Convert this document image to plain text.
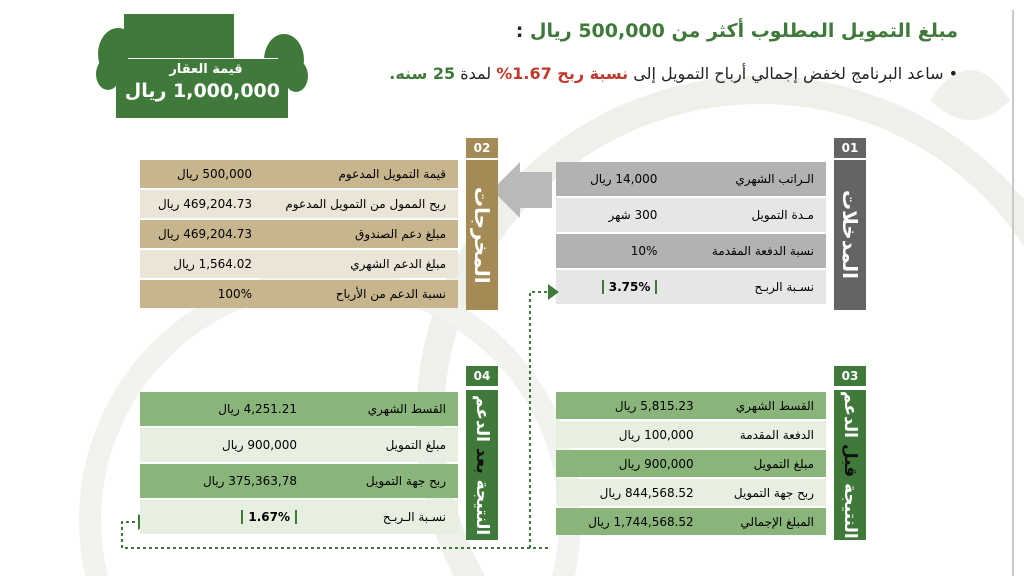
مبلغ التمويل المطلوب أكثر من 500,000 ريال :
• ساعد البرنامج لخفض إجمالي أرباح التمويل إلى نسبة ربح 1.67% لمدة 25 سنه.
قيمة العقار
1,000,000 ريال
01
المدخلات
الـراتب الشهري	14,000 ريال
مـدة التمويل	300 شهر
نسبة الدفعة المقدمة	10%
نسـبة الربـح	3.75%
02
المخرجات
قيمة التمويل المدعوم	500,000 ريال
ربح الممول من التمويل المدعوم	469,204.73 ريال
مبلغ دعم الصندوق	469,204.73 ريال
مبلغ الدعم الشهري	1,564.02 ريال
نسبة الدعم من الأرباح	100%
03
النتيجة قبل الدعم
القسط الشهري	5,815.23 ريال
الدفعة المقدمة	100,000 ريال
مبلغ التمويل	900,000 ريال
ربح جهة التمويل	844,568.52 ريال
المبلغ الإجمالي	1,744,568.52 ريال
04
النتيجة بعد الدعم
القسط الشهري	4,251.21 ريال
مبلغ التمويل	900,000 ريال
ربح جهة التمويل	375,363,78 ريال
نسـبة الـربـح	1.67%
